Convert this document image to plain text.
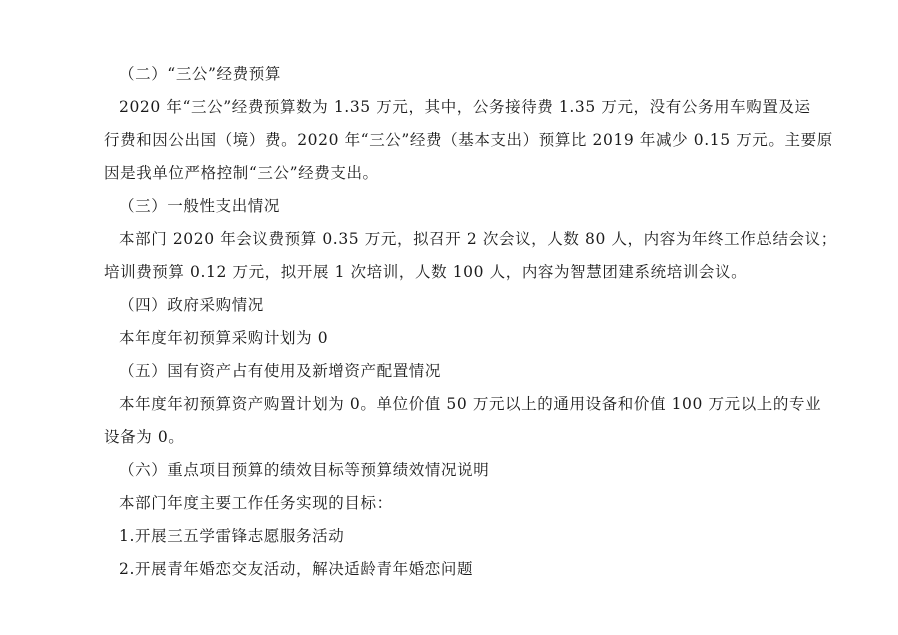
（二）“三公”经费预算
2020 年“三公”经费预算数为 1.35 万元，其中，公务接待费 1.35 万元，没有公务用车购置及运
行费和因公出国（境）费。2020 年“三公”经费（基本支出）预算比 2019 年减少 0.15 万元。主要原
因是我单位严格控制“三公”经费支出。
（三）一般性支出情况
本部门 2020 年会议费预算 0.35 万元，拟召开 2 次会议，人数 80 人，内容为年终工作总结会议；
培训费预算 0.12 万元，拟开展 1 次培训，人数 100 人，内容为智慧团建系统培训会议。
（四）政府采购情况
本年度年初预算采购计划为 0
（五）国有资产占有使用及新增资产配置情况
本年度年初预算资产购置计划为 0。单位价值 50 万元以上的通用设备和价值 100 万元以上的专业
设备为 0。
（六）重点项目预算的绩效目标等预算绩效情况说明
本部门年度主要工作任务实现的目标：
1.开展三五学雷锋志愿服务活动
2.开展青年婚恋交友活动，解决适龄青年婚恋问题
